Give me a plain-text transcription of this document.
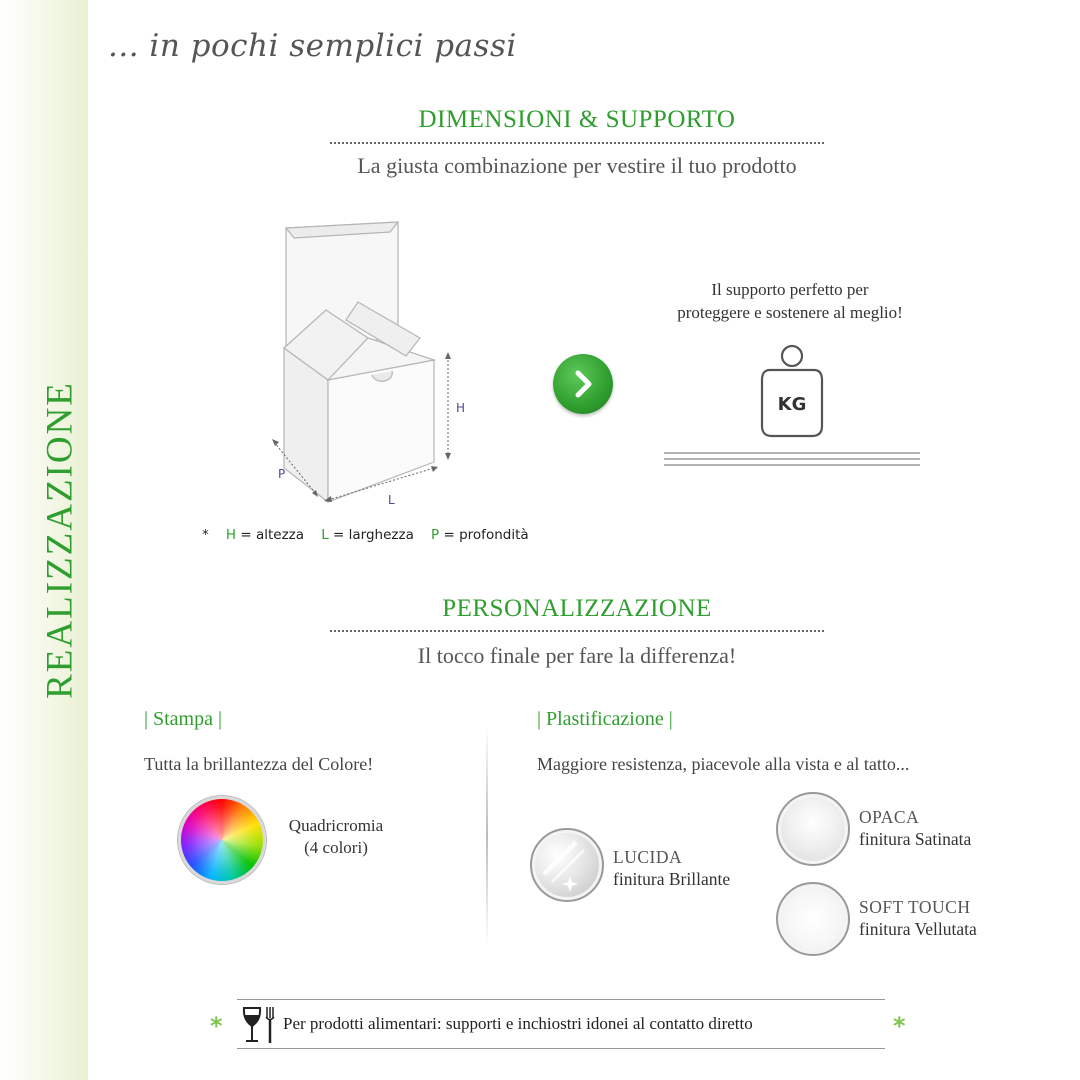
REALIZZAZIONE
... in pochi semplici passi
DIMENSIONI & SUPPORTO
La giusta combinazione per vestire il tuo prodotto
H
L
P
* H = altezza L = larghezza P = profondità
Il supporto perfetto per
proteggere e sostenere al meglio!
KG
PERSONALIZZAZIONE
Il tocco finale per fare la differenza!
| Stampa |
Tutta la brillantezza del Colore!
Quadricromia
(4 colori)
| Plastificazione |
Maggiore resistenza, piacevole alla vista e al tatto...
LUCIDA
finitura Brillante
OPACA
finitura Satinata
SOFT TOUCH
finitura Vellutata
*	Per prodotti alimentari: supporti e inchiostri idonei al contatto diretto	*
